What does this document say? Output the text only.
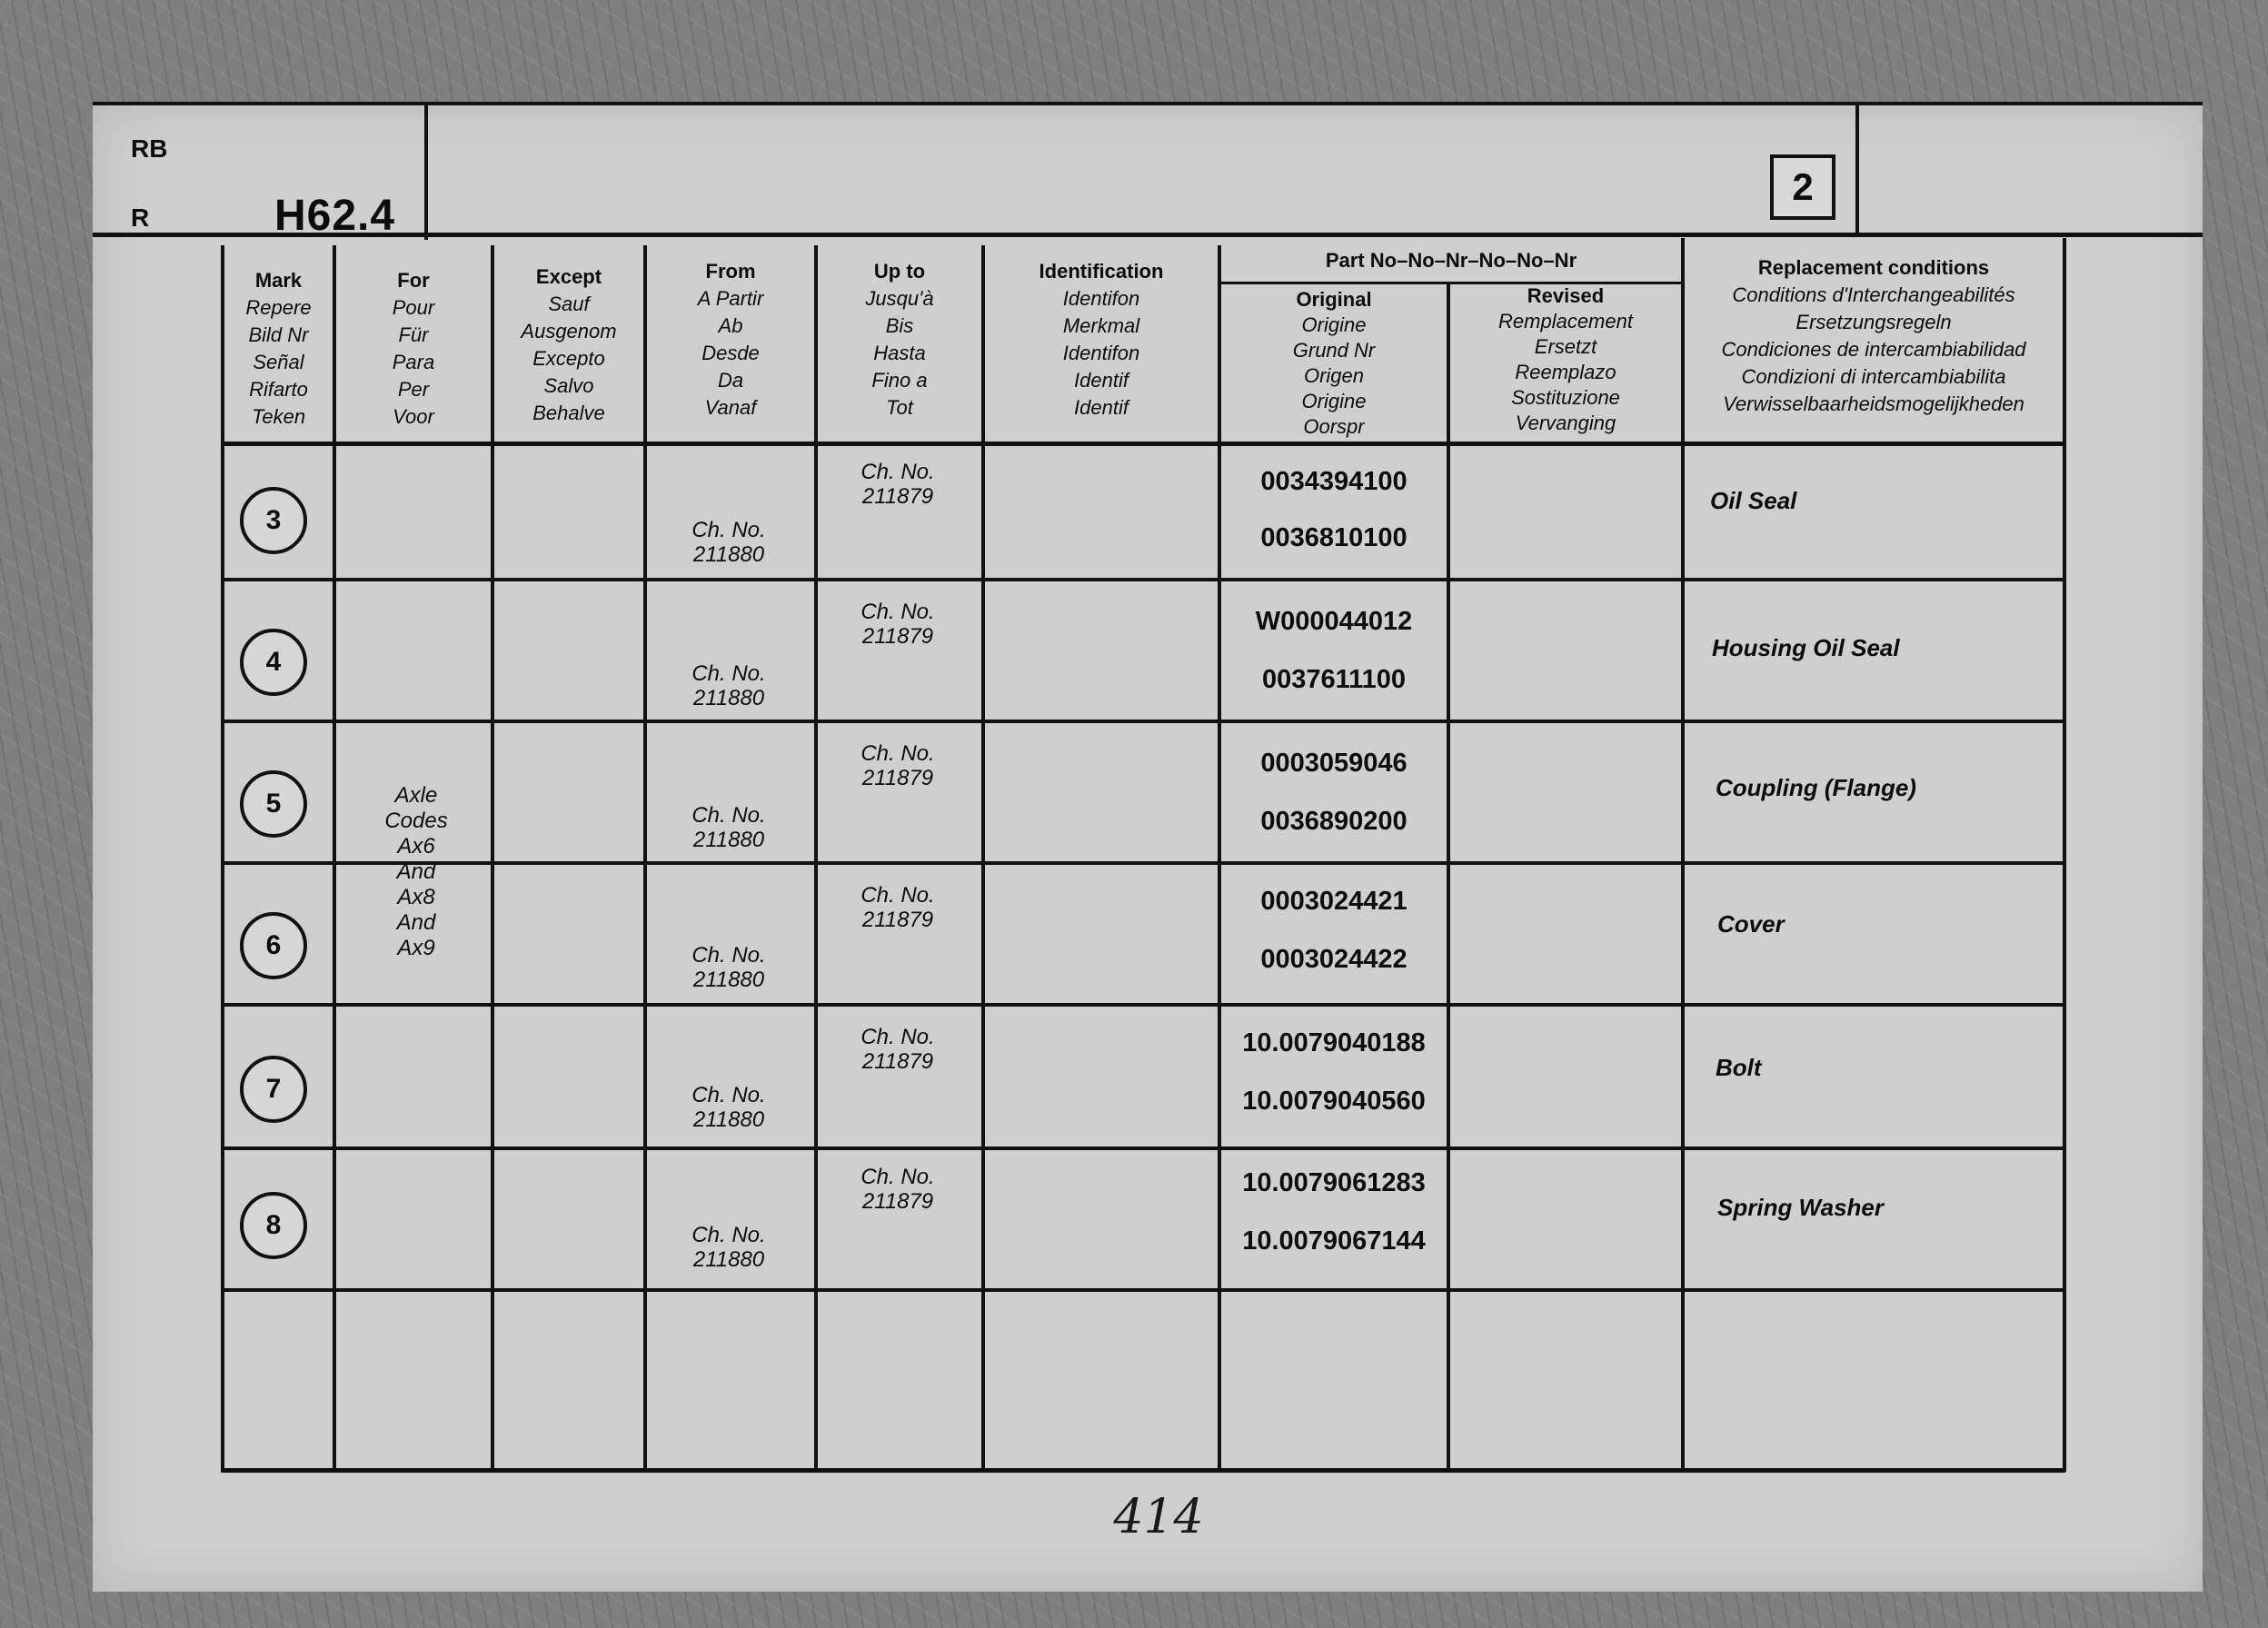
RB
R	H62.4
2
Mark
Repere
Bild Nr
Señal
Rifarto
Teken
For
Pour
Für
Para
Per
Voor
Except
Sauf
Ausgenom
Excepto
Salvo
Behalve
From
A Partir
Ab
Desde
Da
Vanaf
Up to
Jusqu'à
Bis
Hasta
Fino a
Tot
Identification
Identifon
Merkmal
Identifon
Identif
Identif
Part No–No–Nr–No–No–Nr
Original
Origine
Grund Nr
Origen
Origine
Oorspr
Revised
Remplacement
Ersetzt
Reemplazo
Sostituzione
Vervanging
Replacement conditions
Conditions d'Interchangeabilités
Ersetzungsregeln
Condiciones de intercambiabilidad
Condizioni di intercambiabilita
Verwisselbaarheidsmogelijkheden
Axle
Codes
Ax6
And
Ax8
And
Ax9
3
Ch. No.
211879
Ch. No.
211880
0034394100
0036810100
Oil Seal
4
Ch. No.
211879
Ch. No.
211880
W000044012
0037611100
Housing Oil Seal
5
Ch. No.
211879
Ch. No.
211880
0003059046
0036890200
Coupling (Flange)
6
Ch. No.
211879
Ch. No.
211880
0003024421
0003024422
Cover
7
Ch. No.
211879
Ch. No.
211880
10.0079040188
10.0079040560
Bolt
8
Ch. No.
211879
Ch. No.
211880
10.0079061283
10.0079067144
Spring Washer
414
